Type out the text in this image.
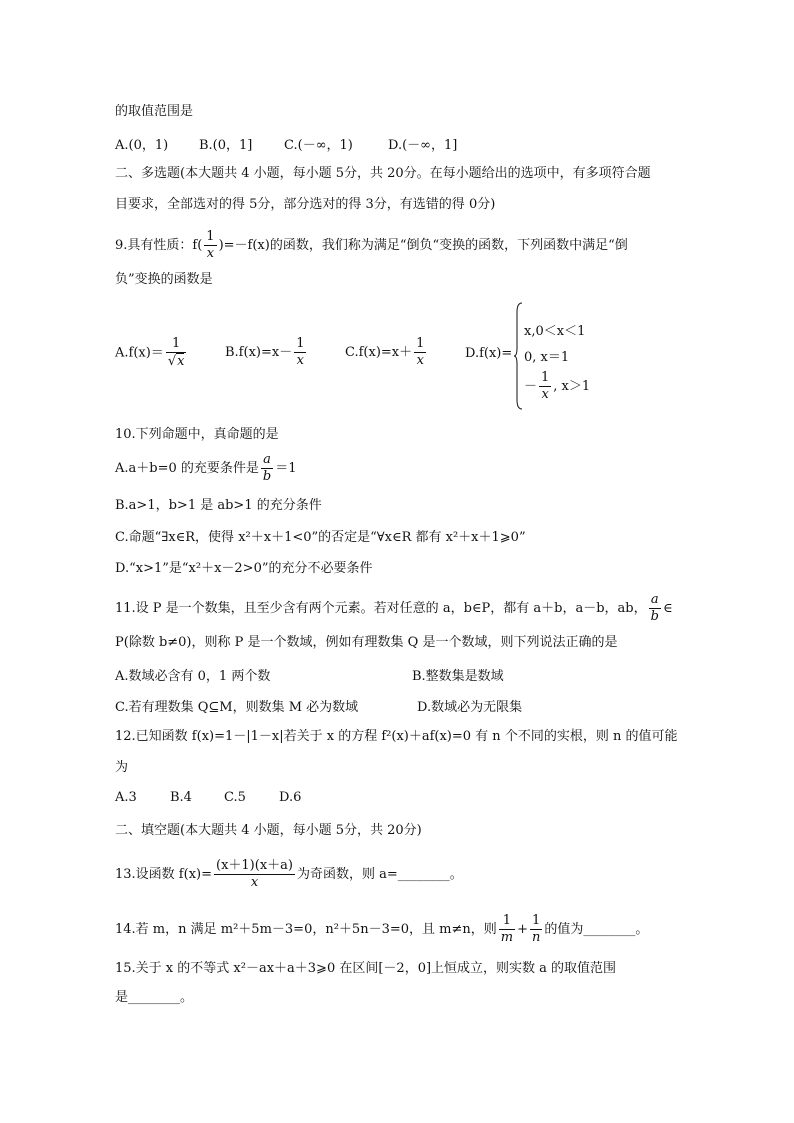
的取值范围是
A.(0，1) B.(0，1] C.(－∞，1)	D.(－∞，1]
二、多选题(本大题共 4 小题，每小题 5分，共 20分。在每小题给出的选项中，有多项符合题
目要求，全部选对的得 5分，部分选对的得 3分，有选错的得 0分)
9.具有性质：$f( \frac{1}{x} )=-f(x)$的函数，我们称为满足“倒负“变换的函数，下列函数中满足“倒
负”变换的函数是
$A.f(x)= \frac{1}{√x}$	$B.f(x)=x- \frac{1}{x}$	$C.f(x)=x+ \frac{1}{x}$	D.f(x)=
x,0＜x＜1
0, x＝1
－ $\frac{1}{x}$ , x＞1
10.下列命题中，真命题的是
A.a＋b=0 的充要条件是 $\frac{a}{b} =1$
B.a>1，b>1 是 ab>1 的充分条件
C.命题“∃x∈R，使得 x²＋x＋1<0”的否定是“∀x∈R 都有 x²＋x＋1⩾0”
D.“x>1”是“x²＋x－2>0”的充分不必要条件
11.设 P 是一个数集，且至少含有两个元素。若对任意的 a，b∈P，都有 a＋b，a－b，ab， $\frac{a}{b}$ ∈
P(除数 b≠0)，则称 P 是一个数域，例如有理数集 Q 是一个数域，则下列说法正确的是
A.数域必含有 0，1 两个数	B.整数集是数域
C.若有理数集 Q⊆M，则数集 M 必为数域	D.数域必为无限集
12.已知函数 f(x)=1－|1－x|若关于 x 的方程 f²(x)＋af(x)=0 有 n 个不同的实根，则 n 的值可能
为
A.3	B.4 C.5	D.6
二、填空题(本大题共 4 小题，每小题 5分，共 20分)
13.设函数 $f(x)= \frac{(x+1)(x+a)}{x}$ 为奇函数，则 a=________。
14.若 m，n 满足 m²＋5m－3=0，n²＋5n－3=0，且 m≠n，则 $\frac{1}{m} + \frac{1}{n}$ 的值为________。
15.关于 x 的不等式 x²－ax＋a＋3⩾0 在区间[－2，0]上恒成立，则实数 a 的取值范围
是________。
